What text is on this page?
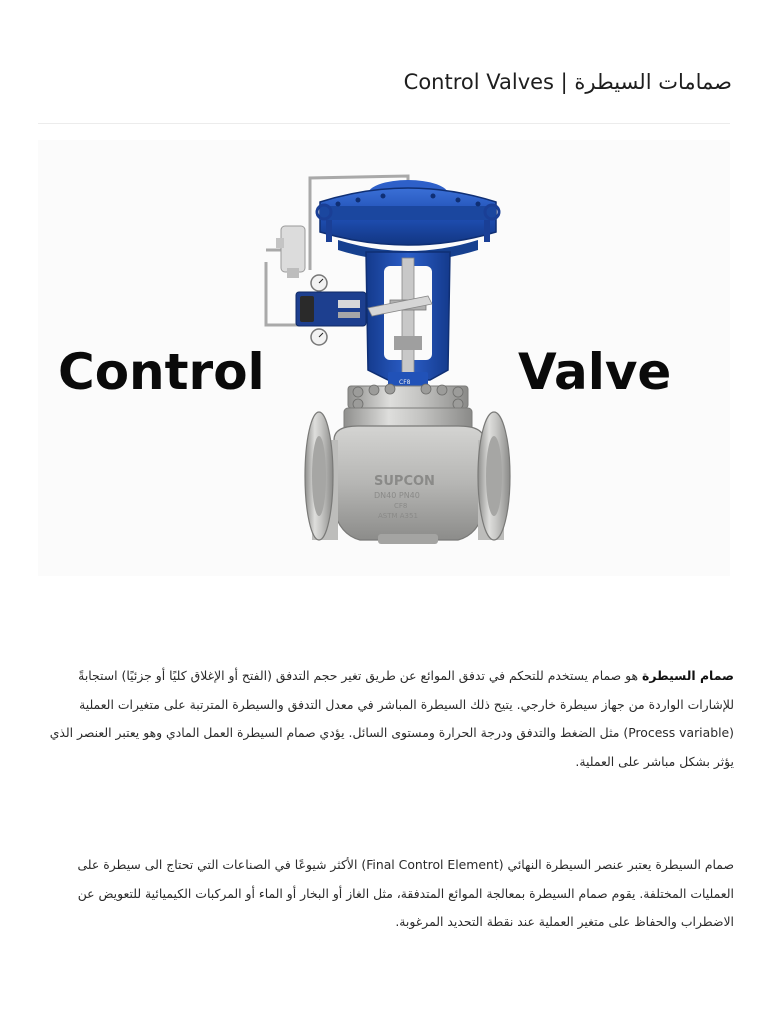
صمامات السيطرة | Control Valves
Control	Valve
CF8
SUPCON
DN40 PN40
CF8
ASTM A351

صمام السيطرة هو صمام يستخدم للتحكم في تدفق الموائع عن طريق تغير حجم التدفق (الفتح أو الإغلاق كليًا أو جزئيًا) استجابةً للإشارات الواردة من جهاز سيطرة خارجي. يتيح ذلك السيطرة المباشر في معدل التدفق والسيطرة المترتبة على متغيرات العملية (Process variable) مثل الضغط والتدفق ودرجة الحرارة ومستوى السائل. يؤدي صمام السيطرة العمل المادي وهو يعتبر العنصر الذي يؤثر بشكل مباشر على العملية.

صمام السيطرة يعتبر عنصر السيطرة النهائي (Final Control Element) الأكثر شيوعًا في الصناعات التي تحتاج الى سيطرة على العمليات المختلفة. يقوم صمام السيطرة بمعالجة الموائع المتدفقة، مثل الغاز أو البخار أو الماء أو المركبات الكيميائية للتعويض عن الاضطراب والحفاظ على متغير العملية عند نقطة التحديد المرغوبة.
